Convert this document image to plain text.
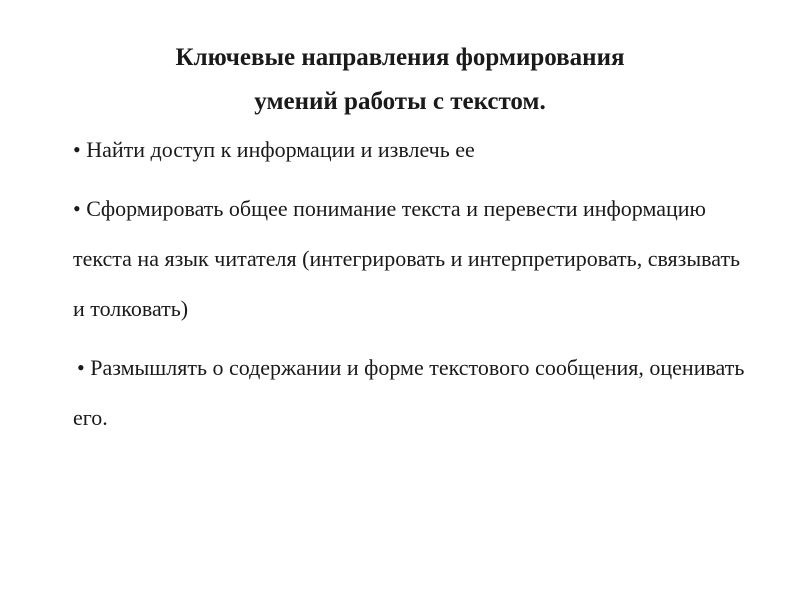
Ключевые направления формирования
умений работы с текстом.
• Найти доступ к информации и извлечь ее
• Сформировать общее понимание текста и перевести информацию текста на язык читателя (интегрировать и интерпретировать, связывать и толковать)
• Размышлять о содержании и форме текстового сообщения, оценивать его.
